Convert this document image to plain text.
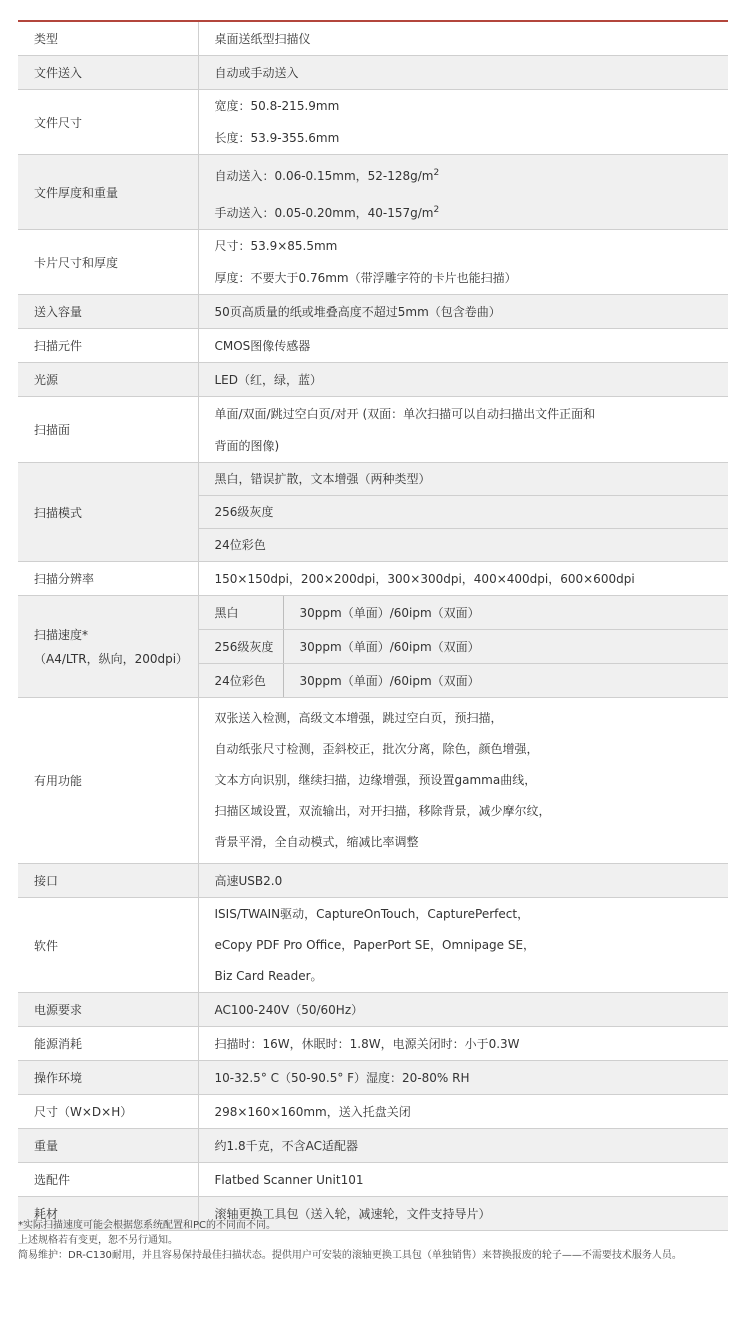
类型	桌面送纸型扫描仪	
文件送入	自动或手动送入	
文件尺寸	宽度：50.8-215.9mm
长度：53.9-355.6mm	

文件厚度和重量	自动送入：0.06-0.15mm，$52-128g/m^2$
手动送入：0.05-0.20mm，$40-157g/m^2$

卡片尺寸和厚度	尺寸：53.9×85.5mm
厚度：不要大于0.76mm（带浮雕字符的卡片也能扫描）	

送入容量	50页高质量的纸或堆叠高度不超过5mm（包含卷曲）	
扫描元件	CMOS图像传感器	
光源	LED（红，绿，蓝）	
扫描面	单面/双面/跳过空白页/对开 (双面：单次扫描可以自动扫描出文件正面和
背面的图像)	

扫描模式	黑白，错误扩散，文本增强（两种类型）
256级灰度
24位彩色	

扫描分辨率	150×150dpi，200×200dpi，300×300dpi，400×400dpi，600×600dpi	

扫描速度*
（A4/LTR，纵向，200dpi）	黑白	30ppm（单面）/60ipm（双面）
	256级灰度	30ppm（单面）/60ipm（双面）
	24位彩色	30ppm（单面）/60ipm（双面）
有用功能	双张送入检测，高级文本增强，跳过空白页，预扫描，
自动纸张尺寸检测，歪斜校正，批次分离，除色，颜色增强，
文本方向识别，继续扫描，边缘增强，预设置gamma曲线，
扫描区域设置，双流输出，对开扫描，移除背景，减少摩尔纹，
背景平滑，全自动模式，缩减比率调整	

接口	高速USB2.0	
软件	ISIS/TWAIN驱动，CaptureOnTouch，CapturePerfect，
eCopy PDF Pro Office，PaperPort SE，Omnipage SE，
Biz Card Reader。	

电源要求	AC100-240V（50/60Hz）	
能源消耗	扫描时：16W，休眠时：1.8W，电源关闭时：小于0.3W	
操作环境	10-32.5° C（50-90.5° F）湿度：20-80% RH	
尺寸（W×D×H）	298×160×160mm，送入托盘关闭	
重量	约1.8千克，不含AC适配器	
选配件	Flatbed Scanner Unit101	
耗材	滚轴更换工具包（送入轮，减速轮，文件支持导片）	
*实际扫描速度可能会根据您系统配置和PC的不同而不同。
上述规格若有变更，恕不另行通知。
简易维护：DR-C130耐用，并且容易保持最佳扫描状态。提供用户可安装的滚轴更换工具包（单独销售）来替换报废的轮子——不需要技术服务人员。
